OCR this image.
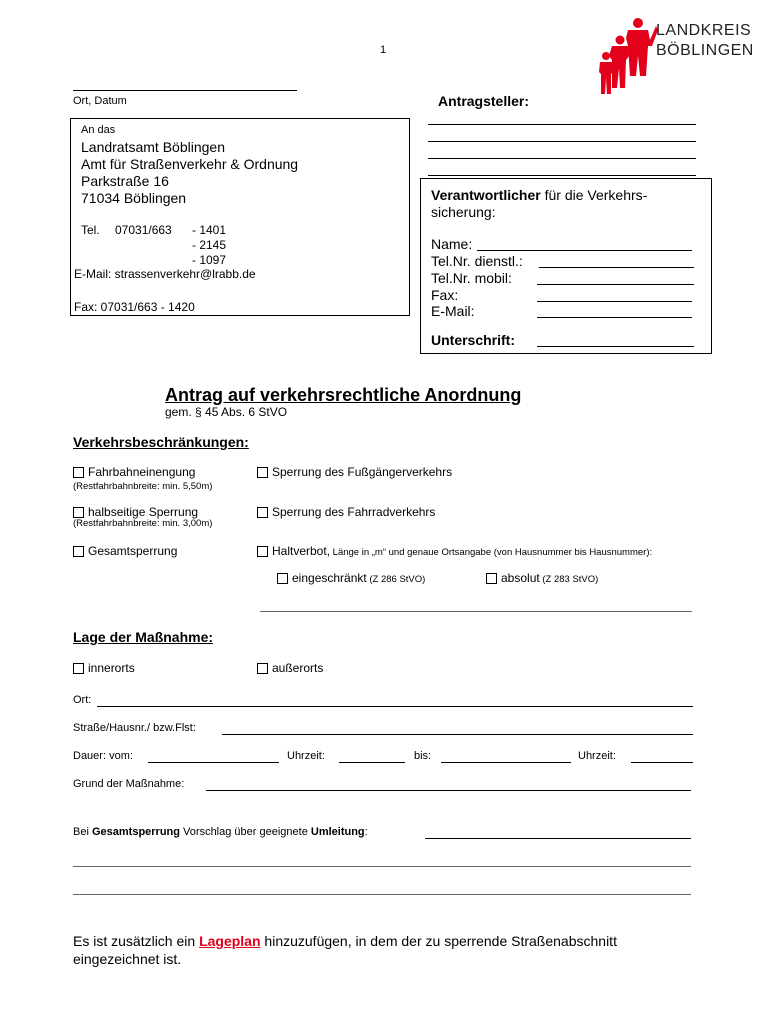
1
LANDKREIS
BÖBLINGEN
Ort, Datum	Antragsteller:
An das
Landratsamt Böblingen
Amt für Straßenverkehr & Ordnung
Parkstraße 16
71034 Böblingen
Tel. 07031/663 - 1401
- 2145
- 1097
E-Mail: strassenverkehr@lrabb.de
Fax: 07031/663 - 1420
Verantwortlicher für die Verkehrs-
sicherung:
Name:
Tel.Nr. dienstl.:
Tel.Nr. mobil:
Fax:
E-Mail:
Unterschrift:
Antrag auf verkehrsrechtliche Anordnung
gem. § 45 Abs. 6 StVO
Verkehrsbeschränkungen:
Fahrbahneinengung
(Restfahrbahnbreite: min. 5,50m)
Sperrung des Fußgängerverkehrs
halbseitige Sperrung
(Restfahrbahnbreite: min. 3,00m)
Sperrung des Fahrradverkehrs
Gesamtsperrung	Haltverbot, Länge in „m“ und genaue Ortsangabe (von Hausnummer bis Hausnummer):
eingeschränkt (Z 286 StVO)	absolut (Z 283 StVO)
Lage der Maßnahme:
innerorts	außerorts
Ort:
Straße/Hausnr./ bzw.Flst:
Dauer: vom:	Uhrzeit:	bis:	Uhrzeit:
Grund der Maßnahme:
Bei Gesamtsperrung Vorschlag über geeignete Umleitung:
Es ist zusätzlich ein Lageplan hinzuzufügen, in dem der zu sperrende Straßenabschnitt
eingezeichnet ist.
